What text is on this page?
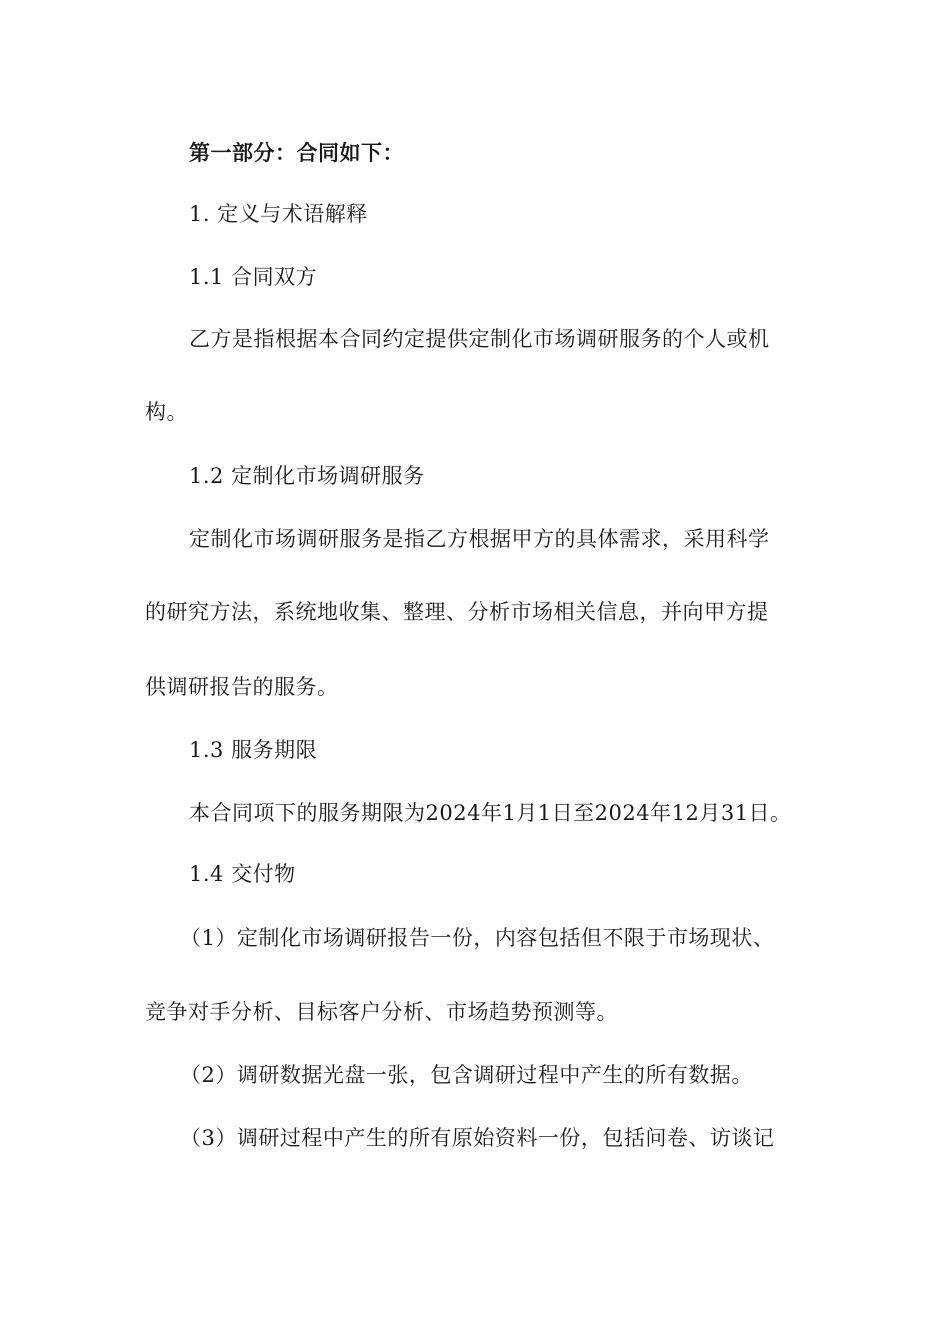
第一部分：合同如下：
1. 定义与术语解释
1.1 合同双方
乙方是指根据本合同约定提供定制化市场调研服务的个人或机
构。
1.2 定制化市场调研服务
定制化市场调研服务是指乙方根据甲方的具体需求，采用科学
的研究方法，系统地收集、整理、分析市场相关信息，并向甲方提
供调研报告的服务。
1.3 服务期限
本合同项下的服务期限为2024年1月1日至2024年12月31日。
1.4 交付物
（1）定制化市场调研报告一份，内容包括但不限于市场现状、
竞争对手分析、目标客户分析、市场趋势预测等。
（2）调研数据光盘一张，包含调研过程中产生的所有数据。
（3）调研过程中产生的所有原始资料一份，包括问卷、访谈记
